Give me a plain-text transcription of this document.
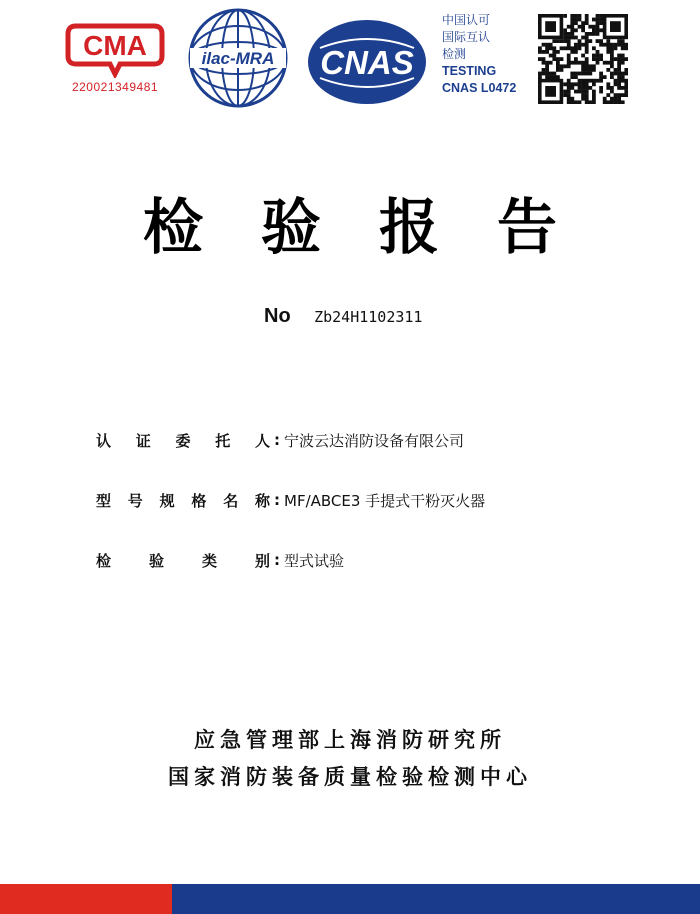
CMA
220021349481
ilac-MRA CNAS
中国认可
国际互认
检测
TESTING
CNAS L0472
检验报告
No Zb24H1102311
认 证 委 托 人 : 宁波云达消防设备有限公司
型 号 规 格 名 称 : MF/ABCE3 手提式干粉灭火器
检	验	类	别 : 型式试验
应急管理部上海消防研究所
国家消防装备质量检验检测中心
